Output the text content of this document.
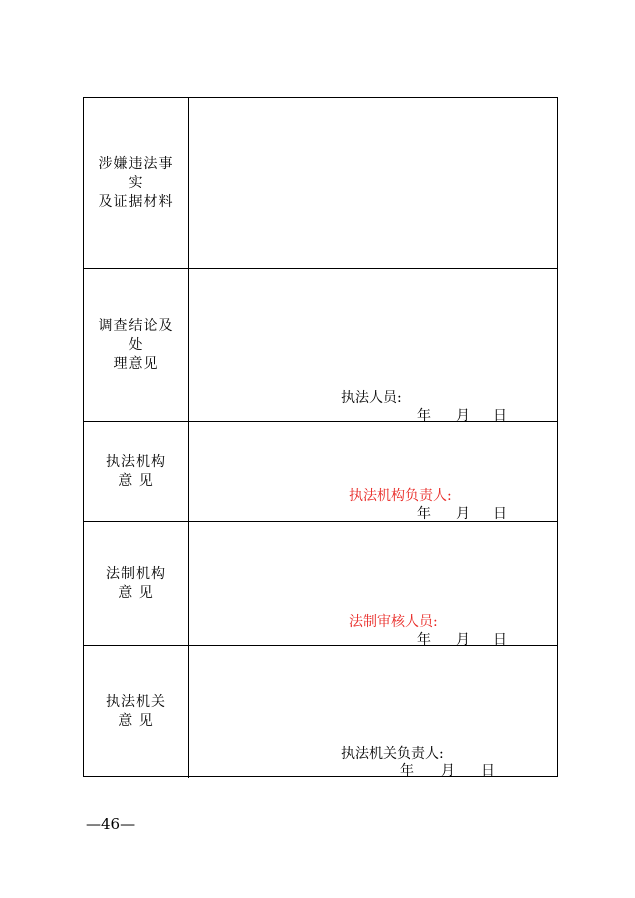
涉嫌违法事实
及证据材料
调查结论及处
理意见
执法人员:
年 月 日
执法机构
意 见
执法机构负责人:
年 月 日
法制机构
意 见
法制审核人员:
年 月 日
执法机关
意 见
执法机关负责人:
年 月 日
—46—
